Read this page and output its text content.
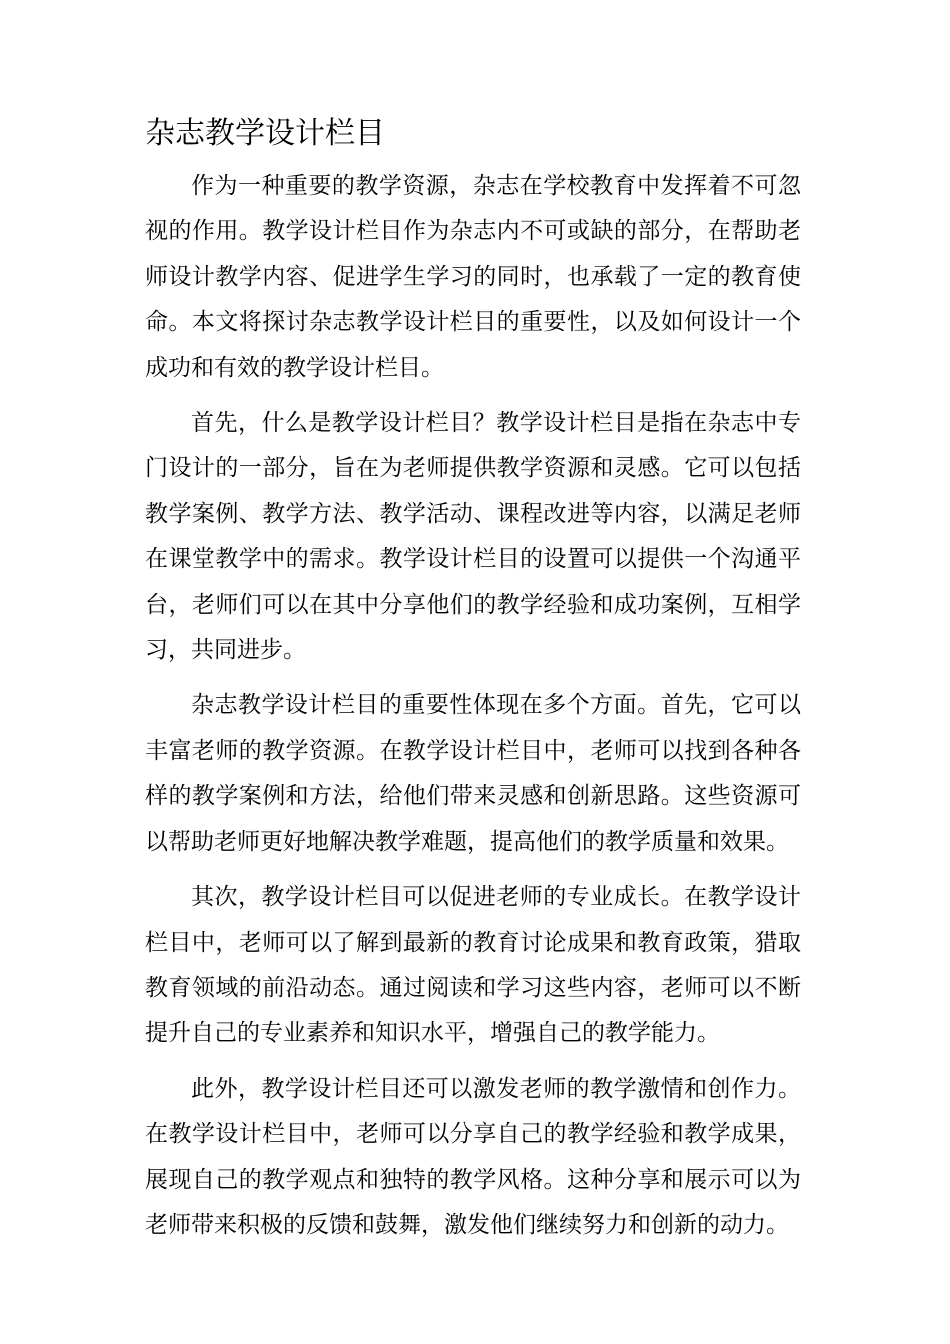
杂志教学设计栏目

作为一种重要的教学资源，杂志在学校教育中发挥着不可忽视的作用。教学设计栏目作为杂志内不可或缺的部分，在帮助老师设计教学内容、促进学生学习的同时，也承载了一定的教育使命。本文将探讨杂志教学设计栏目的重要性，以及如何设计一个成功和有效的教学设计栏目。

首先，什么是教学设计栏目？教学设计栏目是指在杂志中专门设计的一部分，旨在为老师提供教学资源和灵感。它可以包括教学案例、教学方法、教学活动、课程改进等内容，以满足老师在课堂教学中的需求。教学设计栏目的设置可以提供一个沟通平台，老师们可以在其中分享他们的教学经验和成功案例，互相学习，共同进步。

杂志教学设计栏目的重要性体现在多个方面。首先，它可以丰富老师的教学资源。在教学设计栏目中，老师可以找到各种各样的教学案例和方法，给他们带来灵感和创新思路。这些资源可以帮助老师更好地解决教学难题，提高他们的教学质量和效果。

其次，教学设计栏目可以促进老师的专业成长。在教学设计栏目中，老师可以了解到最新的教育讨论成果和教育政策，猎取教育领域的前沿动态。通过阅读和学习这些内容，老师可以不断提升自己的专业素养和知识水平，增强自己的教学能力。

此外，教学设计栏目还可以激发老师的教学激情和创作力。在教学设计栏目中，老师可以分享自己的教学经验和教学成果，展现自己的教学观点和独特的教学风格。这种分享和展示可以为老师带来积极的反馈和鼓舞，激发他们继续努力和创新的动力。
